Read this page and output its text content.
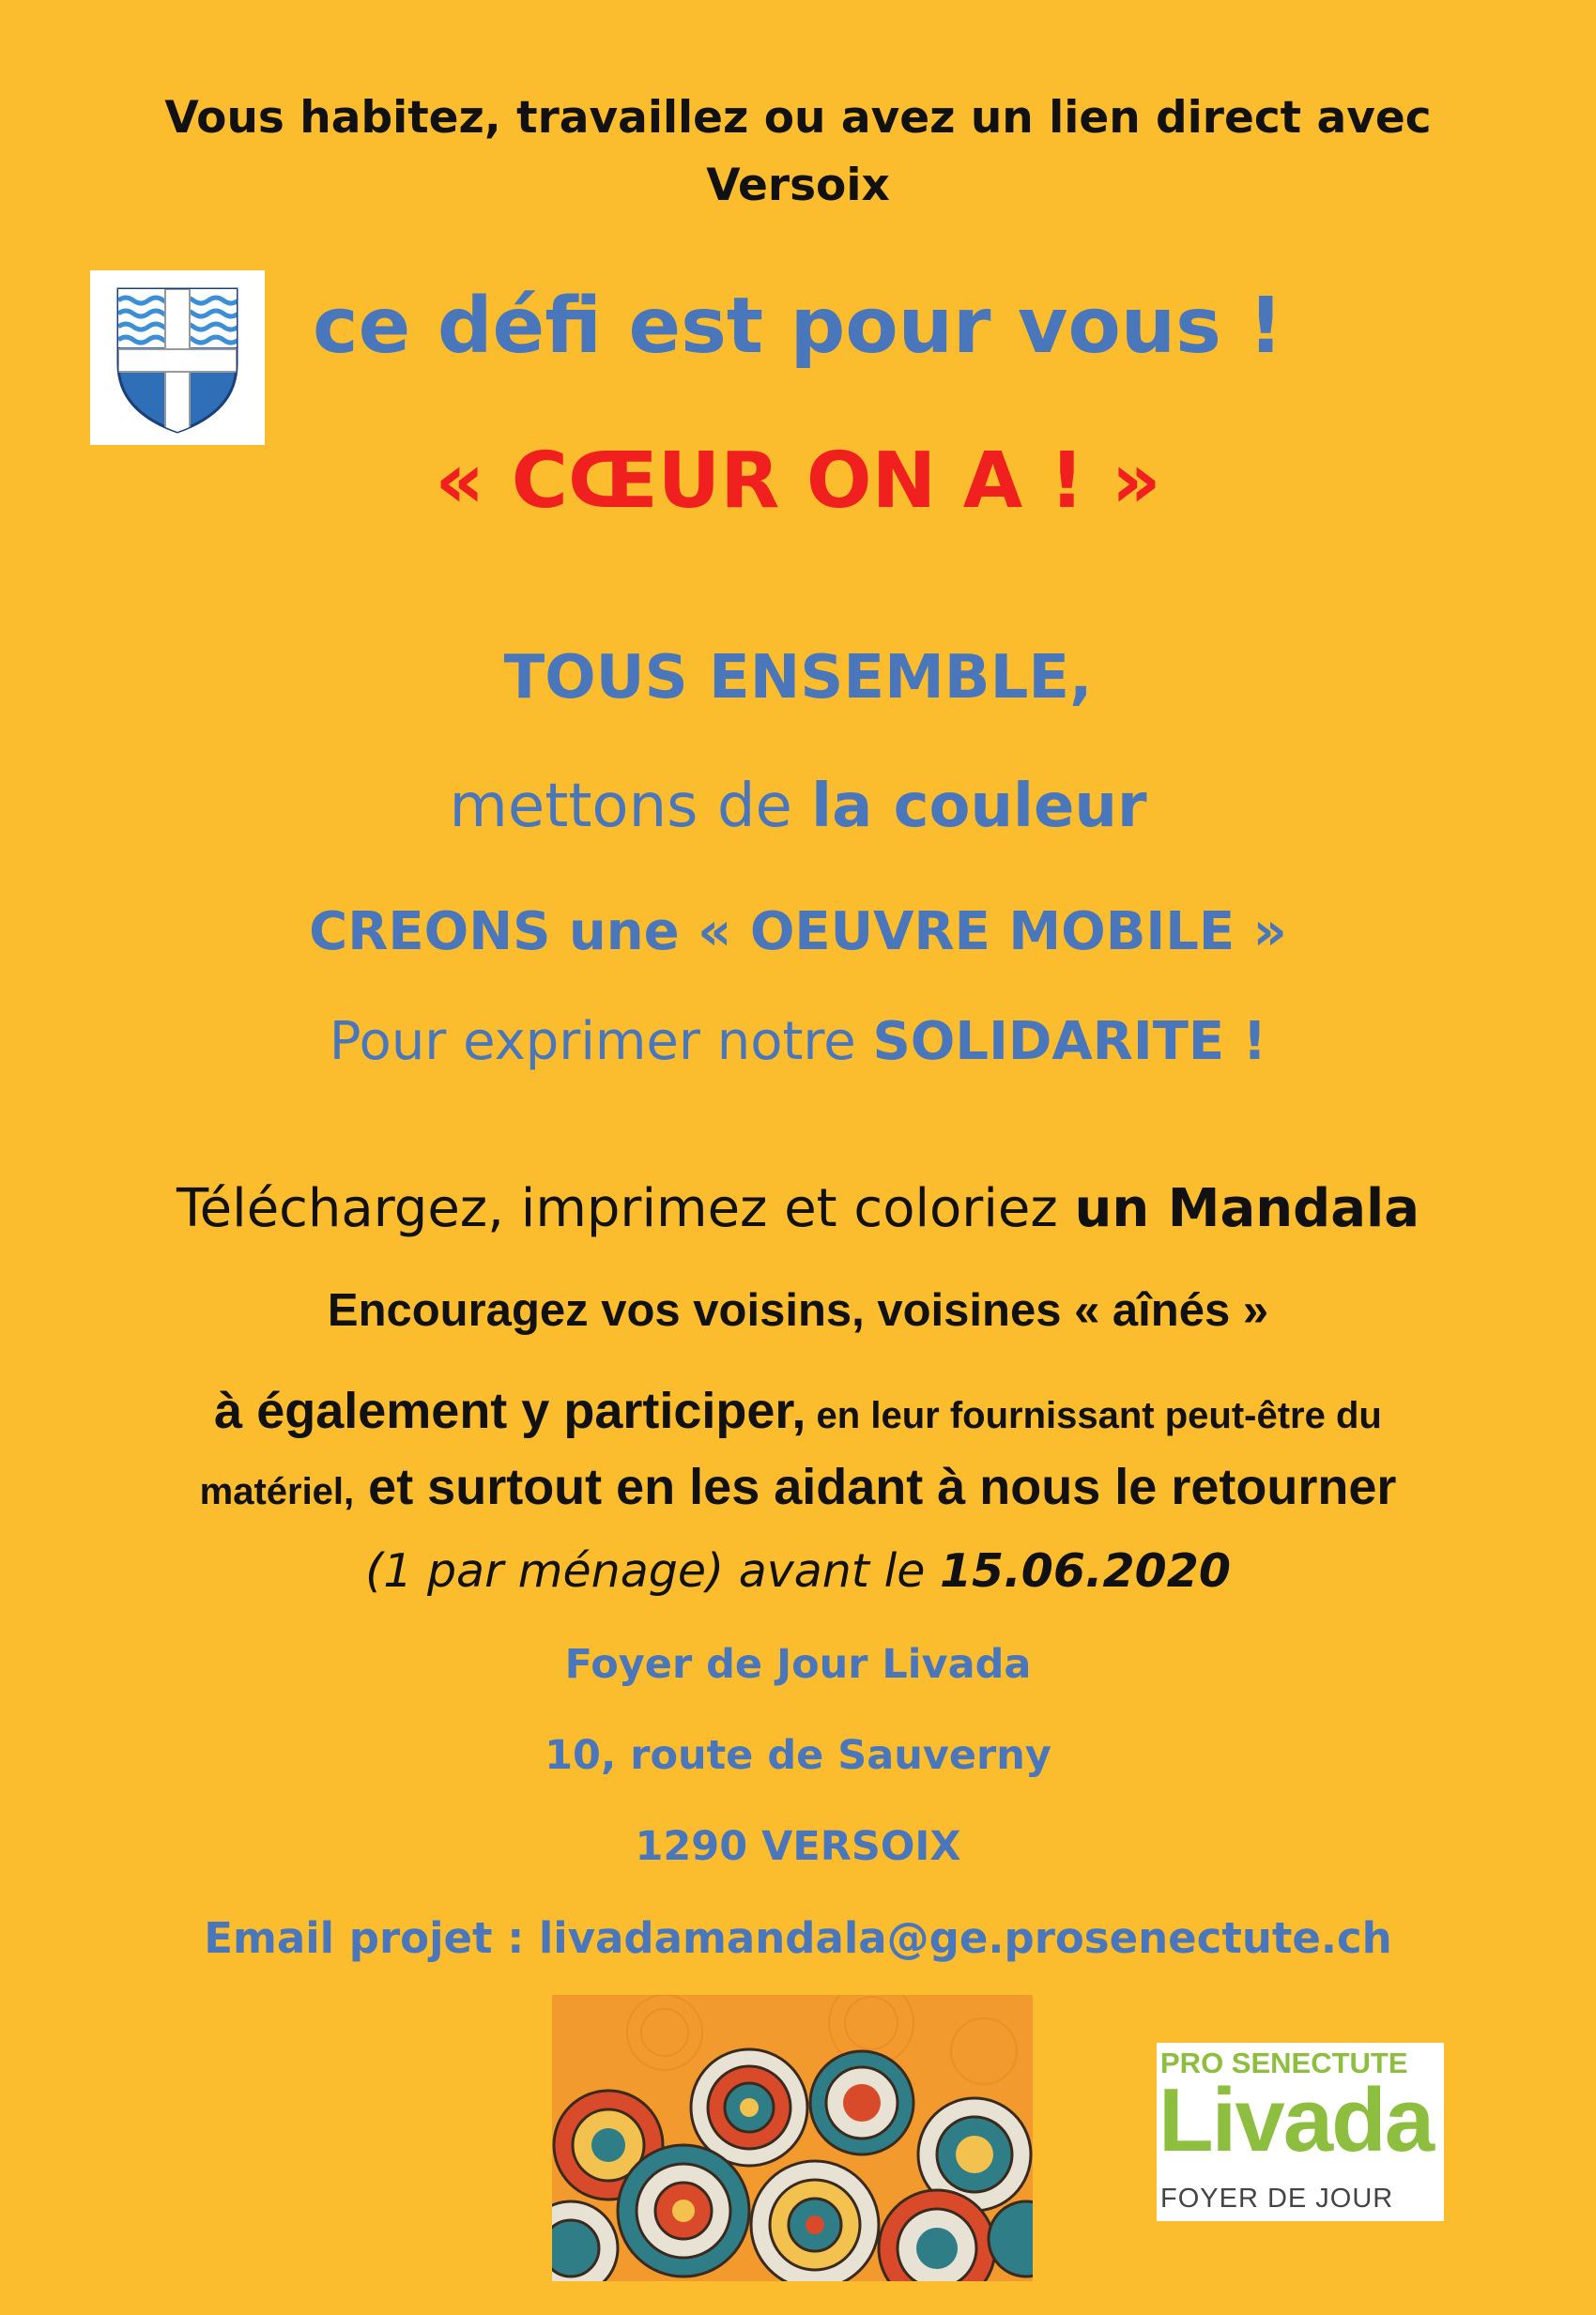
Vous habitez, travaillez ou avez un lien direct avec
Versoix

ce défi est pour vous !

« CŒUR ON A ! »

TOUS ENSEMBLE,

mettons de la couleur

CREONS une « OEUVRE MOBILE »

Pour exprimer notre SOLIDARITE !

Téléchargez, imprimez et coloriez un Mandala

Encouragez vos voisins, voisines « aînés »

à également y participer, en leur fournissant peut-être du
matériel, et surtout en les aidant à nous le retourner

(1 par ménage) avant le 15.06.2020

Foyer de Jour Livada

10, route de Sauverny

1290 VERSOIX

Email projet : livadamandala@ge.prosenectute.ch

PRO SENECTUTE
Livada
FOYER DE JOUR
